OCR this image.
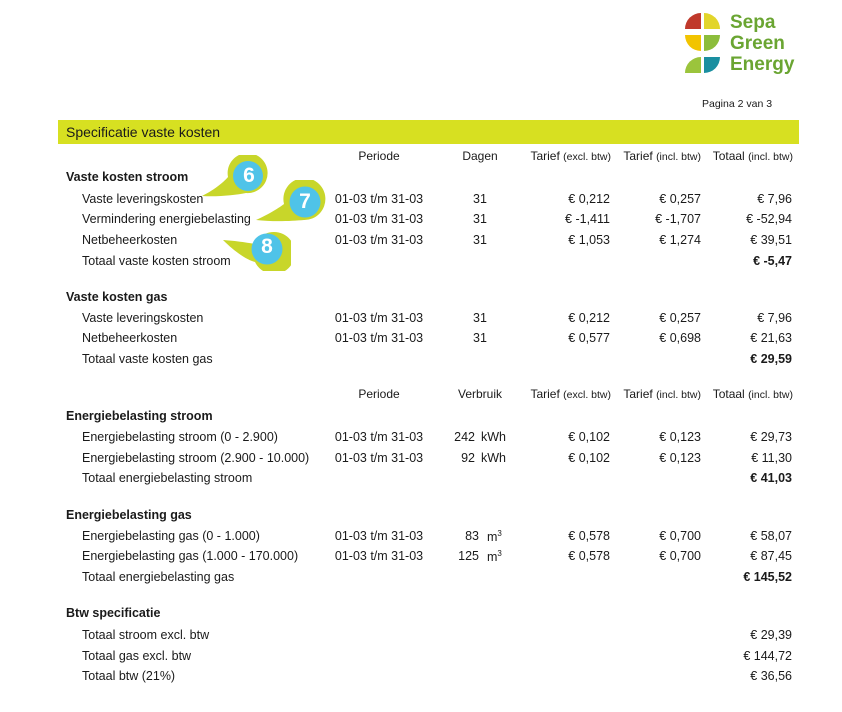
Sepa
Green
Energy
Pagina 2 van 3
Specificatie vaste kosten
Periode	Dagen	Tarief (excl. btw)	Tarief (incl. btw) Totaal (incl. btw)
Vaste kosten stroom
Vaste leveringskosten	01-03 t/m 31-03	31	€ 0,212	€ 0,257	€ 7,96
Vermindering energiebelasting	01-03 t/m 31-03	31	€ -1,411	€ -1,707	€ -52,94
Netbeheerkosten	01-03 t/m 31-03	31	€ 1,053	€ 1,274	€ 39,51
Totaal vaste kosten stroom	€ -5,47
6
7
8
Vaste kosten gas
Vaste leveringskosten	01-03 t/m 31-03	31	€ 0,212	€ 0,257	€ 7,96
Netbeheerkosten	01-03 t/m 31-03	31	€ 0,577	€ 0,698	€ 21,63
Totaal vaste kosten gas	€ 29,59
Periode	Verbruik	Tarief (excl. btw)	Tarief (incl. btw) Totaal (incl. btw)
Energiebelasting stroom
Energiebelasting stroom (0 - 2.900)	01-03 t/m 31-03	242 kWh	€ 0,102	€ 0,123	€ 29,73
Energiebelasting stroom (2.900 - 10.000)	01-03 t/m 31-03	92 kWh	€ 0,102	€ 0,123	€ 11,30
Totaal energiebelasting stroom	€ 41,03
Energiebelasting gas
Energiebelasting gas (0 - 1.000)	01-03 t/m 31-03	83 $m^3$	€ 0,578	€ 0,700	€ 58,07
Energiebelasting gas (1.000 - 170.000)	01-03 t/m 31-03	125 $m^3$	€ 0,578	€ 0,700	€ 87,45
Totaal energiebelasting gas	€ 145,52
Btw specificatie
Totaal stroom excl. btw	€ 29,39
Totaal gas excl. btw	€ 144,72
Totaal btw (21%)	€ 36,56
